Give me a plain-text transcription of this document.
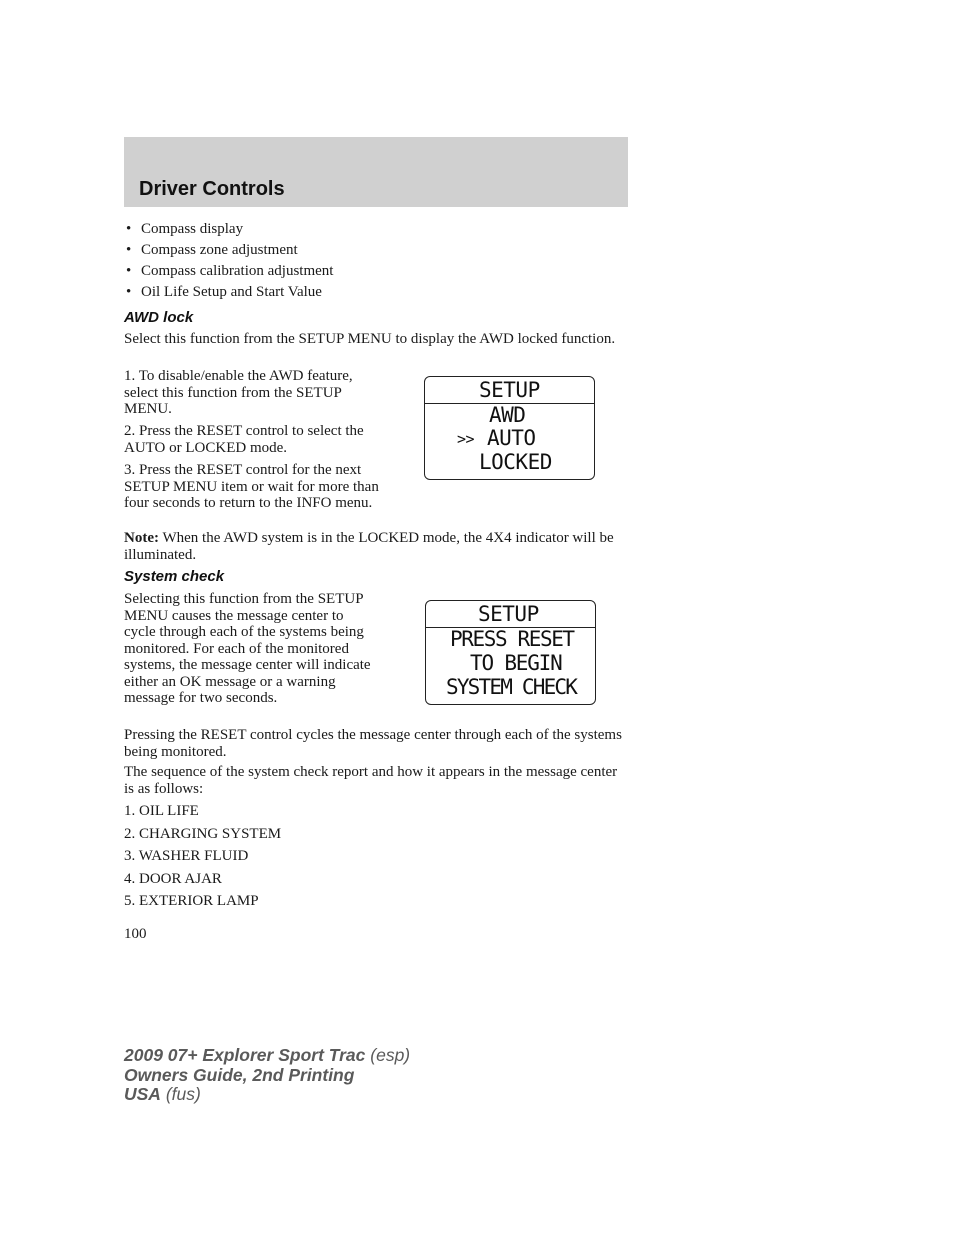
Driver Controls
• Compass display
• Compass zone adjustment
• Compass calibration adjustment
• Oil Life Setup and Start Value
AWD lock

Select this function from the SETUP MENU to display the AWD locked function.

1. To disable/enable the AWD feature, select this function from the SETUP MENU.

2. Press the RESET control to select the AUTO or LOCKED mode.

3. Press the RESET control for the next SETUP MENU item or wait for more than four seconds to return to the INFO menu.

SETUP
AWD
>> AUTO
LOCKED

Note: When the AWD system is in the LOCKED mode, the 4X4 indicator will be illuminated.

System check

Selecting this function from the SETUP MENU causes the message center to cycle through each of the systems being monitored. For each of the monitored systems, the message center will indicate either an OK message or a warning message for two seconds.

SETUP
PRESS RESET
TO BEGIN
SYSTEM CHECK

Pressing the RESET control cycles the message center through each of the systems being monitored.

The sequence of the system check report and how it appears in the message center is as follows:

1. OIL LIFE
2. CHARGING SYSTEM
3. WASHER FLUID
4. DOOR AJAR
5. EXTERIOR LAMP
100
2009 07+ Explorer Sport Trac (esp)
Owners Guide, 2nd Printing
USA (fus)
